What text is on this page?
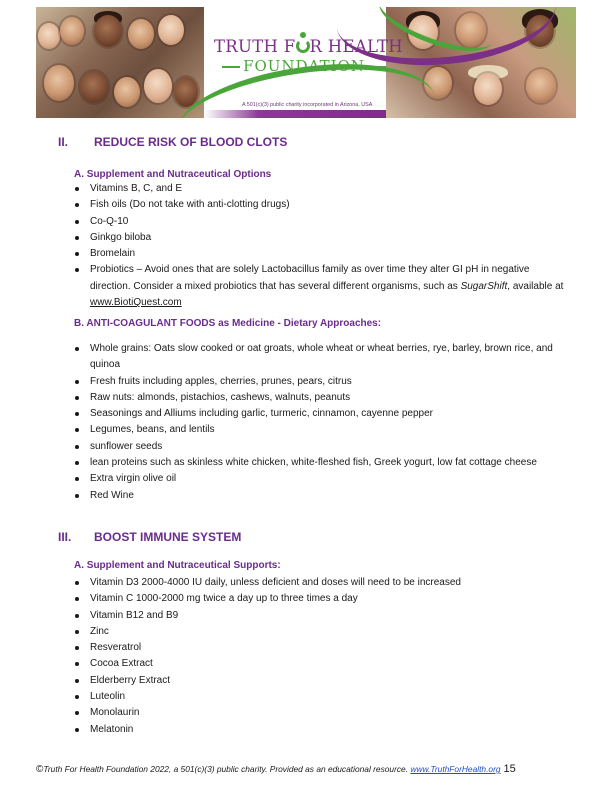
TRUTH F R HEALTH
FOUNDATION
A 501(c)(3) public charity incorporated in Arizona, USA
II. REDUCE RISK OF BLOOD CLOTS
A. Supplement and Nutraceutical Options
Vitamins B, C, and E
Fish oils (Do not take with anti-clotting drugs)
Co-Q-10
Ginkgo biloba
Bromelain
Probiotics – Avoid ones that are solely Lactobacillus family as over time they alter GI pH in negative direction. Consider a mixed probiotics that has several different organisms, such as SugarShift, available at www.BiotiQuest.com
B. ANTI-COAGULANT FOODS as Medicine - Dietary Approaches:
Whole grains: Oats slow cooked or oat groats, whole wheat or wheat berries, rye, barley, brown rice, and quinoa
Fresh fruits including apples, cherries, prunes, pears, citrus
Raw nuts: almonds, pistachios, cashews, walnuts, peanuts
Seasonings and Alliums including garlic, turmeric, cinnamon, cayenne pepper
Legumes, beans, and lentils
sunflower seeds
lean proteins such as skinless white chicken, white-fleshed fish, Greek yogurt, low fat cottage cheese
Extra virgin olive oil
Red Wine
III. BOOST IMMUNE SYSTEM
A. Supplement and Nutraceutical Supports:
Vitamin D3 2000-4000 IU daily, unless deficient and doses will need to be increased
Vitamin C 1000-2000 mg twice a day up to three times a day
Vitamin B12 and B9
Zinc
Resveratrol
Cocoa Extract
Elderberry Extract
Luteolin
Monolaurin
Melatonin
©Truth For Health Foundation 2022, a 501(c)(3) public charity. Provided as an educational resource. www.TruthForHealth.org 15
